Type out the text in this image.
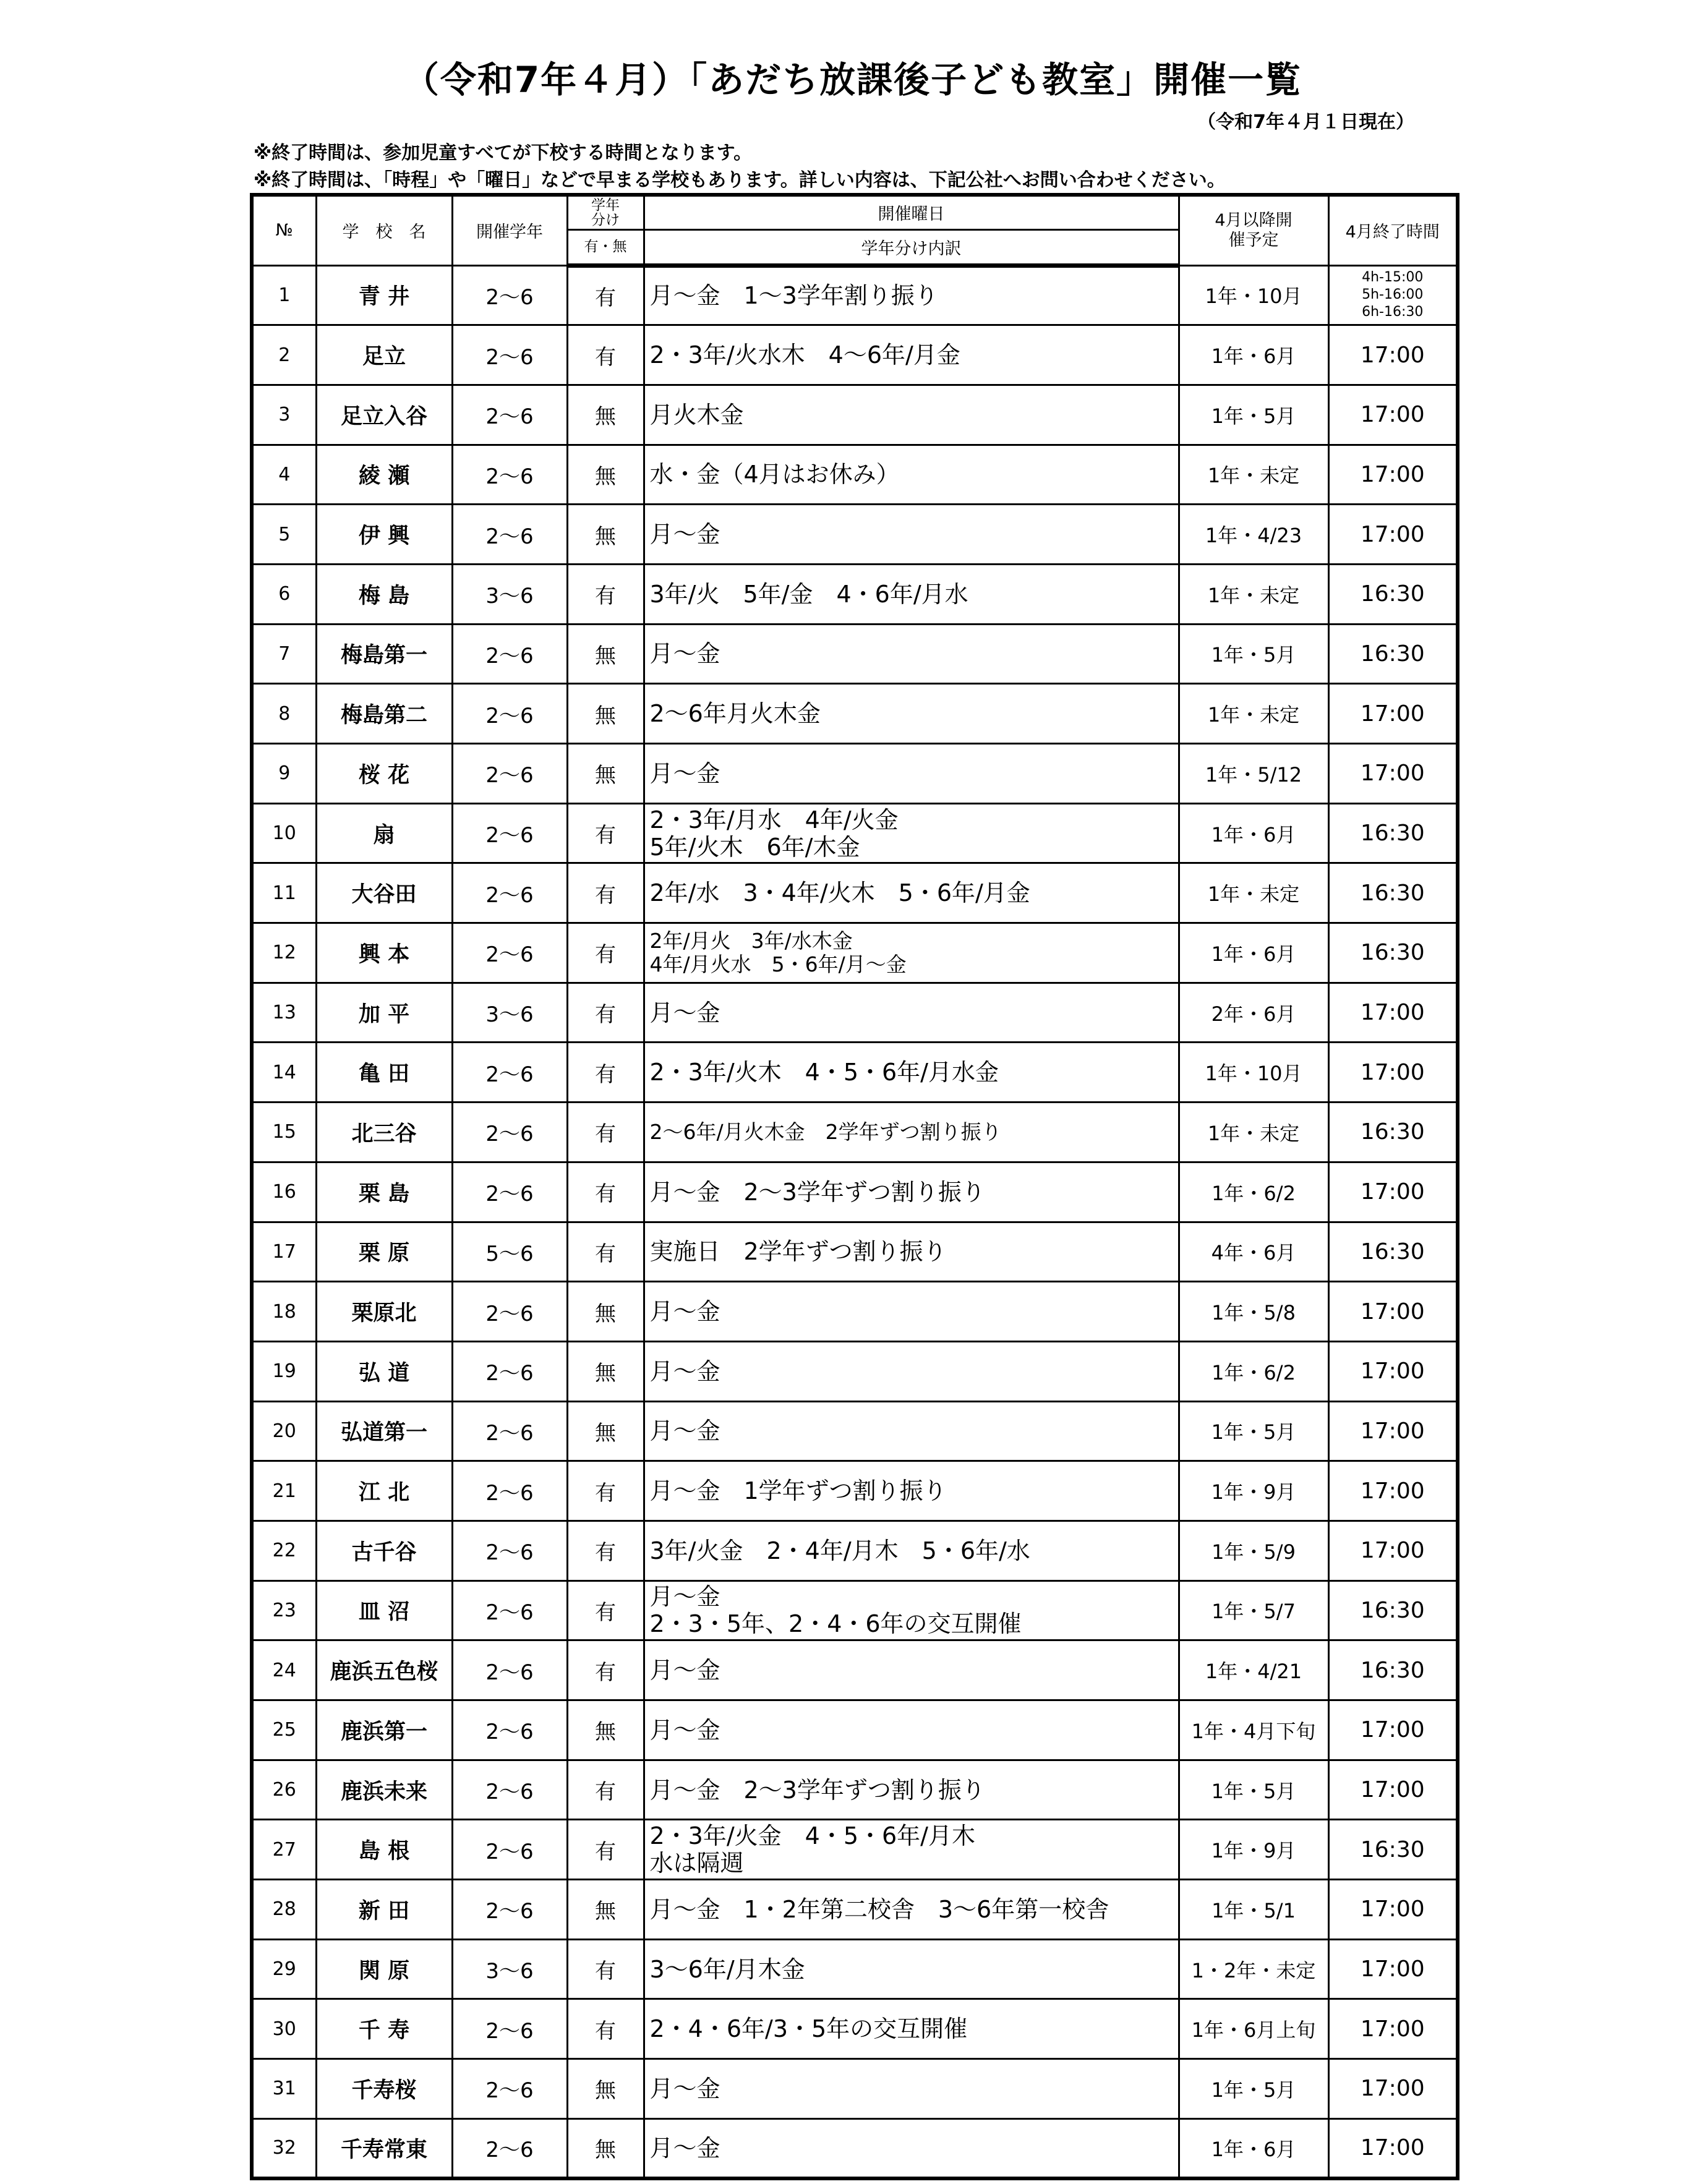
（令和7年４月）「あだち放課後子ども教室」開催一覧
（令和7年４月１日現在）
※終了時間は、参加児童すべてが下校する時間となります。
※終了時間は、「時程」や「曜日」などで早まる学校もあります。詳しい内容は、下記公社へお問い合わせください。
№	学　校　名	開催学年	学年分け	開催曜日	4月以降開催予定	4月終了時間
			有・無	学年分け内訳		
1	青 井	2～6	有	月～金　1～3学年割り振り	1年・10月	4h-15:00
5h-16:00
6h-16:30

2	足立	2～6	有	2・3年/火水木　4～6年/月金	1年・6月	17:00
3	足立入谷	2～6	無	月火木金	1年・5月	17:00
4	綾 瀬	2～6	無	水・金（4月はお休み）	1年・未定	17:00
5	伊 興	2～6	無	月～金	1年・4/23	17:00
6	梅 島	3～6	有	3年/火　5年/金　4・6年/月水	1年・未定	16:30
7	梅島第一	2～6	無	月～金	1年・5月	16:30
8	梅島第二	2～6	無	2～6年月火木金	1年・未定	17:00
9	桜 花	2～6	無	月～金	1年・5/12	17:00
10	扇	2～6	有	2・3年/月水　4年/火金
5年/火木　6年/木金	1年・6月	16:30
11	大谷田	2～6	有	2年/水　3・4年/火木　5・6年/月金	1年・未定	16:30
12	興 本	2～6	有	2年/月火　3年/水木金
4年/月火水　5・6年/月～金	1年・6月	16:30
13	加 平	3～6	有	月～金	2年・6月	17:00
14	亀 田	2～6	有	2・3年/火木　4・5・6年/月水金	1年・10月	17:00
15	北三谷	2～6	有	2～6年/月火木金　2学年ずつ割り振り	1年・未定	16:30
16	栗 島	2～6	有	月～金　2～3学年ずつ割り振り	1年・6/2	17:00
17	栗 原	5～6	有	実施日　2学年ずつ割り振り	4年・6月	16:30
18	栗原北	2～6	無	月～金	1年・5/8	17:00
19	弘 道	2～6	無	月～金	1年・6/2	17:00
20	弘道第一	2～6	無	月～金	1年・5月	17:00
21	江 北	2～6	有	月～金　1学年ずつ割り振り	1年・9月	17:00
22	古千谷	2～6	有	3年/火金　2・4年/月木　5・6年/水	1年・5/9	17:00
23	皿 沼	2～6	有	月～金
2・3・5年、2・4・6年の交互開催	1年・5/7	16:30
24	鹿浜五色桜	2～6	有	月～金	1年・4/21	16:30
25	鹿浜第一	2～6	無	月～金	1年・4月下旬	17:00
26	鹿浜未来	2～6	有	月～金　2～3学年ずつ割り振り	1年・5月	17:00
27	島 根	2～6	有	2・3年/火金　4・5・6年/月木
水は隔週	1年・9月	16:30
28	新 田	2～6	無	月～金　1・2年第二校舎　3～6年第一校舎	1年・5/1	17:00
29	関 原	3～6	有	3～6年/月木金	1・2年・未定	17:00
30	千 寿	2～6	有	2・4・6年/3・5年の交互開催	1年・6月上旬	17:00
31	千寿桜	2～6	無	月～金	1年・5月	17:00
32	千寿常東	2～6	無	月～金	1年・6月	17:00
